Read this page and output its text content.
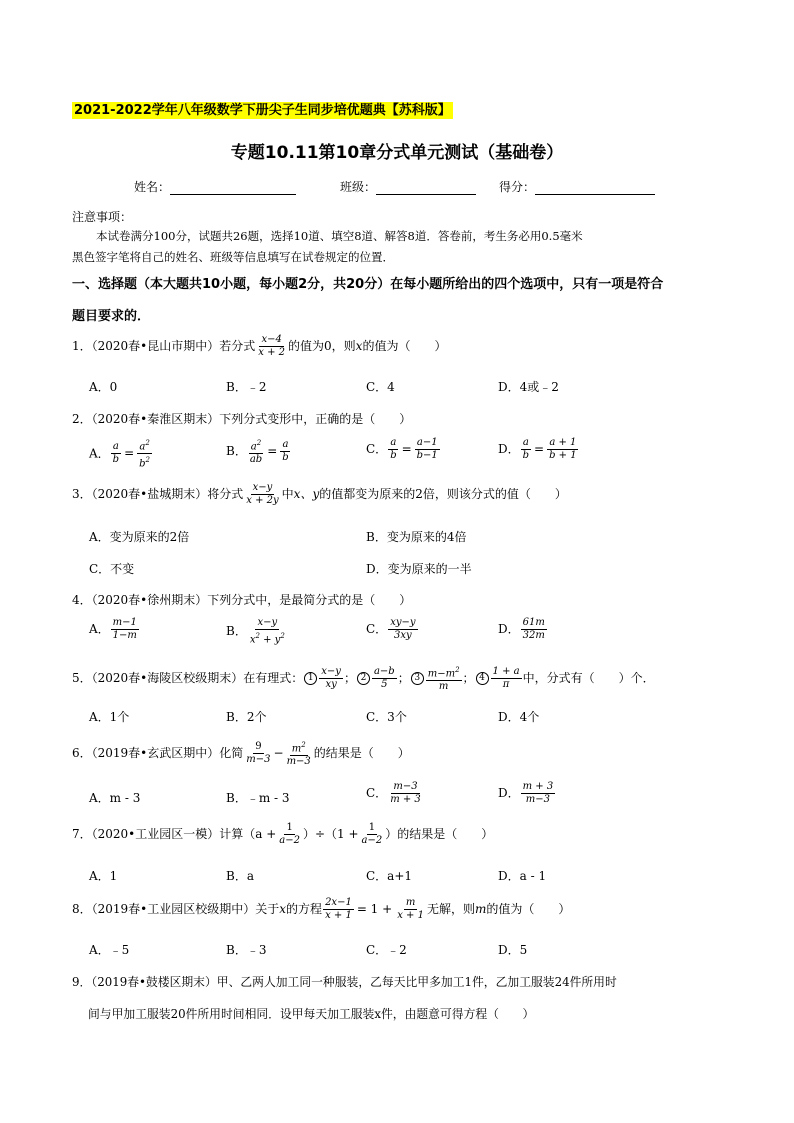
2021-2022学年八年级数学下册尖子生同步培优题典【苏科版】
专题10.11第10章分式单元测试（基础卷）
姓名：	班级：	得分：
注意事项：
本试卷满分100分，试题共26题，选择10道、填空8道、解答8道．答卷前，考生务必用0.5毫米
黑色签字笔将自己的姓名、班级等信息填写在试卷规定的位置．
一、选择题（本大题共10小题，每小题2分，共20分）在每小题所给出的四个选项中，只有一项是符合
题目要求的．
1．（2020春•昆山市期中）若分式 $\frac{x-4}{x + 2}$ 的值为0，则x的值为（　　）
A．0	B．﹣2	C．4	D．4或﹣2
2．（2020春•秦淮区期末）下列分式变形中，正确的是（　　）
A． $\frac{a}{b} = \frac{a^2}{b^2}$	B． $\frac{a^2}{ab} = \frac{a}{b}$	C． $\frac{a}{b} = \frac{a-1}{b-1}$	D． $\frac{a}{b} = \frac{a + 1}{b + 1}$
3．（2020春•盐城期末）将分式 $\frac{x-y}{x + 2y}$ 中x、y的值都变为原来的2倍，则该分式的值（　　）
A．变为原来的2倍	B．变为原来的4倍
C．不变	D．变为原来的一半
4．（2020春•徐州期末）下列分式中，是最简分式的是（　　）
A． $\frac{m-1}{1-m}$	B． $\frac{x-y}{x^2 + y^2}$	C． $\frac{xy-y}{3xy}$	D． $\frac{61m}{32m}$
5．（2020春•海陵区校级期末）在有理式： $1 \frac{x-y}{xy}$ ； $2 \frac{a-b}{5}$ ； $3 \frac{m-m^2}{m}$ ； $4 \frac{1 + a}{\pi}$ 中，分式有（　　）个．
A．1个	B．2个	C．3个	D．4个
6．（2019春•玄武区期中）化简 $\frac{9}{m-3} - \frac{m^2}{m-3}$ 的结果是（　　）
A．m - 3	B．﹣m - 3	C． $\frac{m-3}{m + 3}$	D． $\frac{m + 3}{m-3}$
7．（2020•工业园区一模）计算$(a + \frac{1}{a-2} )\div(1 + \frac{1}{a-2}$ ）的结果是（　　）
A．1	B．a	C．a+1	D．a - 1
8．（2019春•工业园区校级期中）关于x的方程 $\frac{2x-1}{x + 1} = 1 + \frac{m}{x + 1}$ 无解，则m的值为（　　）
A．﹣5	B．﹣3	C．﹣2	D．5
9．（2019春•鼓楼区期末）甲、乙两人加工同一种服装，乙每天比甲多加工1件，乙加工服装24件所用时
间与甲加工服装20件所用时间相同．设甲每天加工服装x件，由题意可得方程（　　）
